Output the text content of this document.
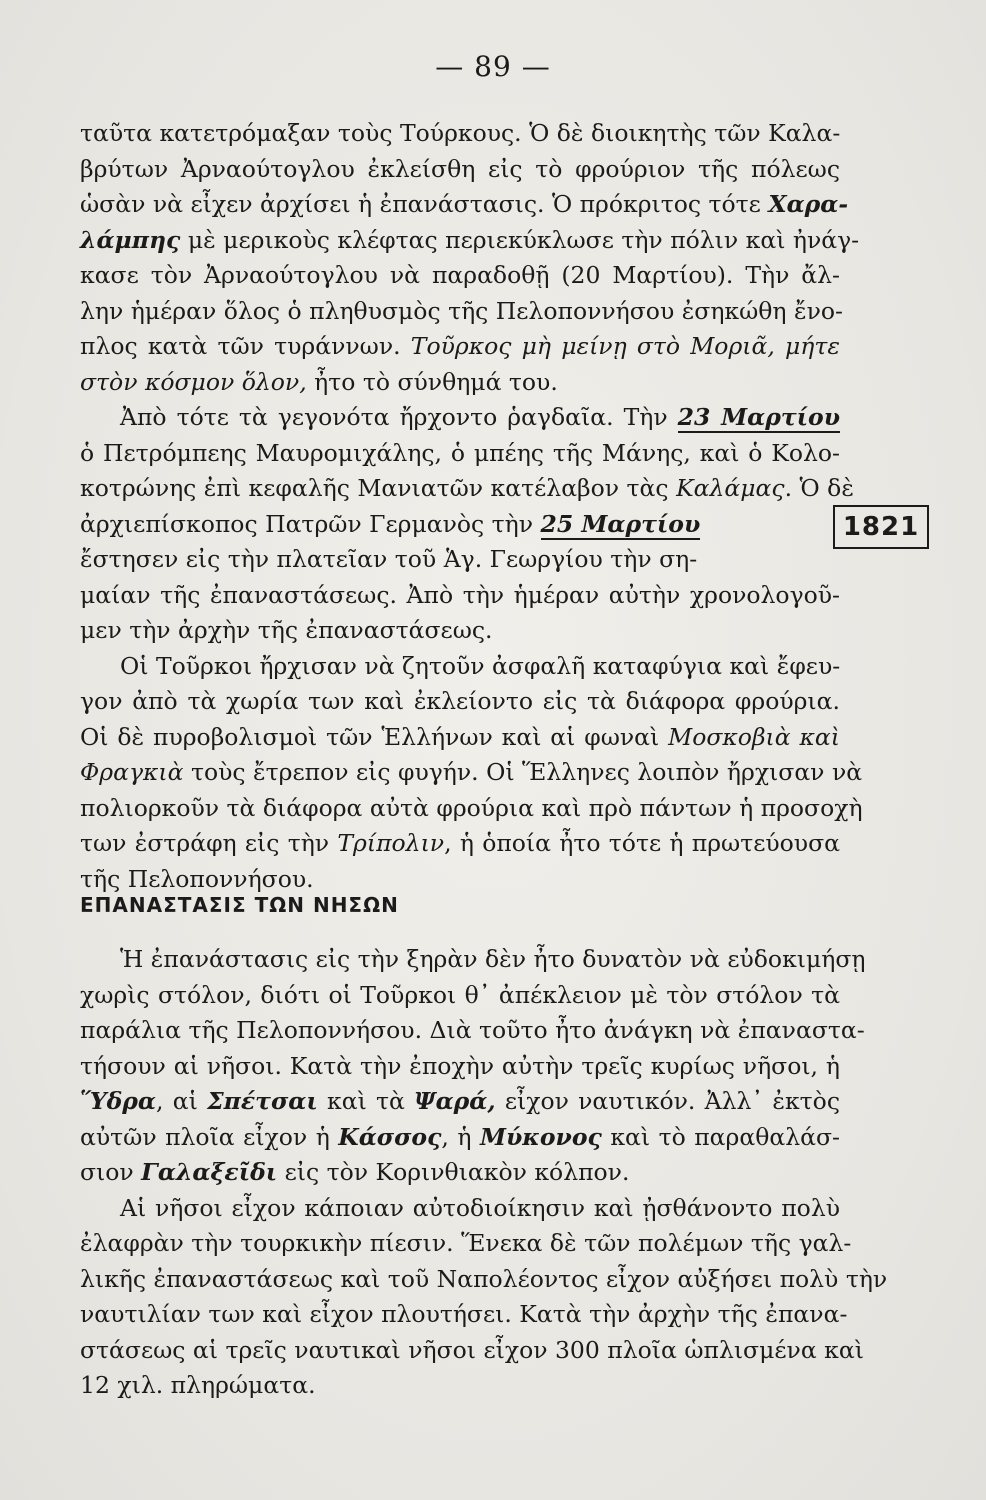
— 89 —
ταῦτα κατετρόμαξαν τοὺς Τούρκους. Ὁ δὲ διοικητὴς τῶν Καλα-
βρύτων Ἀρναούτογλου ἐκλείσθη εἰς τὸ φρούριον τῆς πόλεως
ὡσὰν νὰ εἶχεν ἀρχίσει ἡ ἐπανάστασις. Ὁ πρόκριτος τότε Χαρα-
λάμπης μὲ μερικοὺς κλέφτας περιεκύκλωσε τὴν πόλιν καὶ ἠνάγ-
κασε τὸν Ἀρναούτογλου νὰ παραδοθῇ (20 Μαρτίου). Τὴν ἄλ-
λην ἡμέραν ὅλος ὁ πληθυσμὸς τῆς Πελοποννήσου ἐσηκώθη ἔνο-
πλος κατὰ τῶν τυράννων. Τοῦρκος μὴ μείνῃ στὸ Μοριᾶ, μήτε
στὸν κόσμον ὅλον, ἦτο τὸ σύνθημά του.
Ἀπὸ τότε τὰ γεγονότα ἤρχοντο ῥαγδαῖα. Τὴν 23 Μαρτίου
ὁ Πετρόμπεης Μαυρομιχάλης, ὁ μπέης τῆς Μάνης, καὶ ὁ Κολο-
κοτρώνης ἐπὶ κεφαλῆς Μανιατῶν κατέλαβον τὰς Καλάμας. Ὁ δὲ
ἀρχιεπίσκοπος Πατρῶν Γερμανὸς τὴν 25 Μαρτίου
ἔστησεν εἰς τὴν πλατεῖαν τοῦ Ἁγ. Γεωργίου τὴν ση-
μαίαν τῆς ἐπαναστάσεως. Ἀπὸ τὴν ἡμέραν αὐτὴν χρονολογοῦ-
μεν τὴν ἀρχὴν τῆς ἐπαναστάσεως.
Οἱ Τοῦρκοι ἤρχισαν νὰ ζητοῦν ἀσφαλῆ καταφύγια καὶ ἔφευ-
γον ἀπὸ τὰ χωρία των καὶ ἐκλείοντο εἰς τὰ διάφορα φρούρια.
Οἱ δὲ πυροβολισμοὶ τῶν Ἑλλήνων καὶ αἱ φωναὶ Μοσκοβιὰ καὶ
Φραγκιὰ τοὺς ἔτρεπον εἰς φυγήν. Οἱ Ἕλληνες λοιπὸν ἤρχισαν νὰ
πολιορκοῦν τὰ διάφορα αὐτὰ φρούρια καὶ πρὸ πάντων ἡ προσοχὴ
των ἐστράφη εἰς τὴν Τρίπολιν, ἡ ὁποία ἦτο τότε ἡ πρωτεύουσα
τῆς Πελοποννήσου.
1821
ΕΠΑΝΑΣΤΑΣΙΣ ΤΩΝ ΝΗΣΩΝ
Ἡ ἐπανάστασις εἰς τὴν ξηρὰν δὲν ἦτο δυνατὸν νὰ εὐδοκιμήσῃ
χωρὶς στόλον, διότι οἱ Τοῦρκοι θ᾽ ἀπέκλειον μὲ τὸν στόλον τὰ
παράλια τῆς Πελοποννήσου. Διὰ τοῦτο ἦτο ἀνάγκη νὰ ἐπαναστα-
τήσουν αἱ νῆσοι. Κατὰ τὴν ἐποχὴν αὐτὴν τρεῖς κυρίως νῆσοι, ἡ
Ὕδρα, αἱ Σπέτσαι καὶ τὰ Ψαρά, εἶχον ναυτικόν. Ἀλλ᾽ ἐκτὸς
αὐτῶν πλοῖα εἶχον ἡ Κάσσος, ἡ Μύκονος καὶ τὸ παραθαλάσ-
σιον Γαλαξεῖδι εἰς τὸν Κορινθιακὸν κόλπον.
Αἱ νῆσοι εἶχον κάποιαν αὐτοδιοίκησιν καὶ ᾐσθάνοντο πολὺ
ἐλαφρὰν τὴν τουρκικὴν πίεσιν. Ἕνεκα δὲ τῶν πολέμων τῆς γαλ-
λικῆς ἐπαναστάσεως καὶ τοῦ Ναπολέοντος εἶχον αὐξήσει πολὺ τὴν
ναυτιλίαν των καὶ εἶχον πλουτήσει. Κατὰ τὴν ἀρχὴν τῆς ἐπανα-
στάσεως αἱ τρεῖς ναυτικαὶ νῆσοι εἶχον 300 πλοῖα ὡπλισμένα καὶ
12 χιλ. πληρώματα.
